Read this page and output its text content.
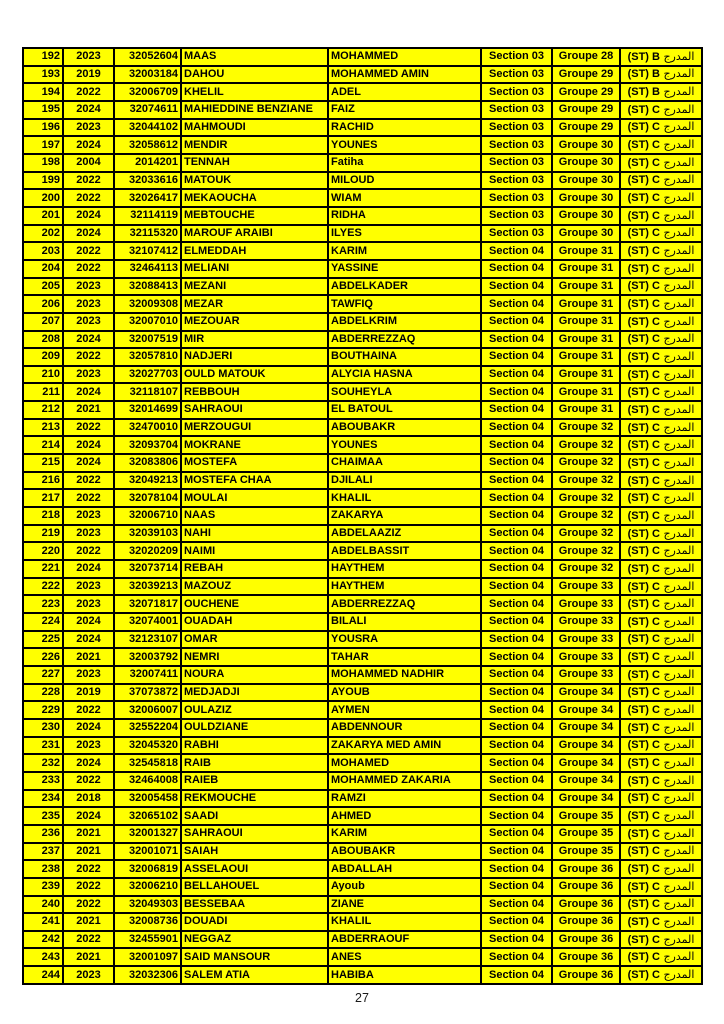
192	2023	32052604	MAAS	MOHAMMED	Section 03	Groupe 28	(ST) B المدرج
193	2019	32003184	DAHOU	MOHAMMED AMIN	Section 03	Groupe 29	(ST) B المدرج
194	2022	32006709	KHELIL	ADEL	Section 03	Groupe 29	(ST) B المدرج
195	2024	32074611	MAHIEDDINE BENZIANE	FAIZ	Section 03	Groupe 29	(ST) C المدرج
196	2023	32044102	MAHMOUDI	RACHID	Section 03	Groupe 29	(ST) C المدرج
197	2024	32058612	MENDIR	YOUNES	Section 03	Groupe 30	(ST) C المدرج
198	2004	2014201	TENNAH	Fatiha	Section 03	Groupe 30	(ST) C المدرج
199	2022	32033616	MATOUK	MILOUD	Section 03	Groupe 30	(ST) C المدرج
200	2022	32026417	MEKAOUCHA	WIAM	Section 03	Groupe 30	(ST) C المدرج
201	2024	32114119	MEBTOUCHE	RIDHA	Section 03	Groupe 30	(ST) C المدرج
202	2024	32115320	MAROUF ARAIBI	ILYES	Section 03	Groupe 30	(ST) C المدرج
203	2022	32107412	ELMEDDAH	KARIM	Section 04	Groupe 31	(ST) C المدرج
204	2022	32464113	MELIANI	YASSINE	Section 04	Groupe 31	(ST) C المدرج
205	2023	32088413	MEZANI	ABDELKADER	Section 04	Groupe 31	(ST) C المدرج
206	2023	32009308	MEZAR	TAWFIQ	Section 04	Groupe 31	(ST) C المدرج
207	2023	32007010	MEZOUAR	ABDELKRIM	Section 04	Groupe 31	(ST) C المدرج
208	2024	32007519	MIR	ABDERREZZAQ	Section 04	Groupe 31	(ST) C المدرج
209	2022	32057810	NADJERI	BOUTHAINA	Section 04	Groupe 31	(ST) C المدرج
210	2023	32027703	OULD MATOUK	ALYCIA HASNA	Section 04	Groupe 31	(ST) C المدرج
211	2024	32118107	REBBOUH	SOUHEYLA	Section 04	Groupe 31	(ST) C المدرج
212	2021	32014699	SAHRAOUI	EL BATOUL	Section 04	Groupe 31	(ST) C المدرج
213	2022	32470010	MERZOUGUI	ABOUBAKR	Section 04	Groupe 32	(ST) C المدرج
214	2024	32093704	MOKRANE	YOUNES	Section 04	Groupe 32	(ST) C المدرج
215	2024	32083806	MOSTEFA	CHAIMAA	Section 04	Groupe 32	(ST) C المدرج
216	2022	32049213	MOSTEFA CHAA	DJILALI	Section 04	Groupe 32	(ST) C المدرج
217	2022	32078104	MOULAI	KHALIL	Section 04	Groupe 32	(ST) C المدرج
218	2023	32006710	NAAS	ZAKARYA	Section 04	Groupe 32	(ST) C المدرج
219	2023	32039103	NAHI	ABDELAAZIZ	Section 04	Groupe 32	(ST) C المدرج
220	2022	32020209	NAIMI	ABDELBASSIT	Section 04	Groupe 32	(ST) C المدرج
221	2024	32073714	REBAH	HAYTHEM	Section 04	Groupe 32	(ST) C المدرج
222	2023	32039213	MAZOUZ	HAYTHEM	Section 04	Groupe 33	(ST) C المدرج
223	2023	32071817	OUCHENE	ABDERREZZAQ	Section 04	Groupe 33	(ST) C المدرج
224	2024	32074001	OUADAH	BILALI	Section 04	Groupe 33	(ST) C المدرج
225	2024	32123107	OMAR	YOUSRA	Section 04	Groupe 33	(ST) C المدرج
226	2021	32003792	NEMRI	TAHAR	Section 04	Groupe 33	(ST) C المدرج
227	2023	32007411	NOURA	MOHAMMED NADHIR	Section 04	Groupe 33	(ST) C المدرج
228	2019	37073872	MEDJADJI	AYOUB	Section 04	Groupe 34	(ST) C المدرج
229	2022	32006007	OULAZIZ	AYMEN	Section 04	Groupe 34	(ST) C المدرج
230	2024	32552204	OULDZIANE	ABDENNOUR	Section 04	Groupe 34	(ST) C المدرج
231	2023	32045320	RABHI	ZAKARYA MED AMIN	Section 04	Groupe 34	(ST) C المدرج
232	2024	32545818	RAIB	MOHAMED	Section 04	Groupe 34	(ST) C المدرج
233	2022	32464008	RAIEB	MOHAMMED ZAKARIA	Section 04	Groupe 34	(ST) C المدرج
234	2018	32005458	REKMOUCHE	RAMZI	Section 04	Groupe 34	(ST) C المدرج
235	2024	32065102	SAADI	AHMED	Section 04	Groupe 35	(ST) C المدرج
236	2021	32001327	SAHRAOUI	KARIM	Section 04	Groupe 35	(ST) C المدرج
237	2021	32001071	SAIAH	ABOUBAKR	Section 04	Groupe 35	(ST) C المدرج
238	2022	32006819	ASSELAOUI	ABDALLAH	Section 04	Groupe 36	(ST) C المدرج
239	2022	32006210	BELLAHOUEL	Ayoub	Section 04	Groupe 36	(ST) C المدرج
240	2022	32049303	BESSEBAA	ZIANE	Section 04	Groupe 36	(ST) C المدرج
241	2021	32008736	DOUADI	KHALIL	Section 04	Groupe 36	(ST) C المدرج
242	2022	32455901	NEGGAZ	ABDERRAOUF	Section 04	Groupe 36	(ST) C المدرج
243	2021	32001097	SAID MANSOUR	ANES	Section 04	Groupe 36	(ST) C المدرج
244	2023	32032306	SALEM ATIA	HABIBA	Section 04	Groupe 36	(ST) C المدرج
27
